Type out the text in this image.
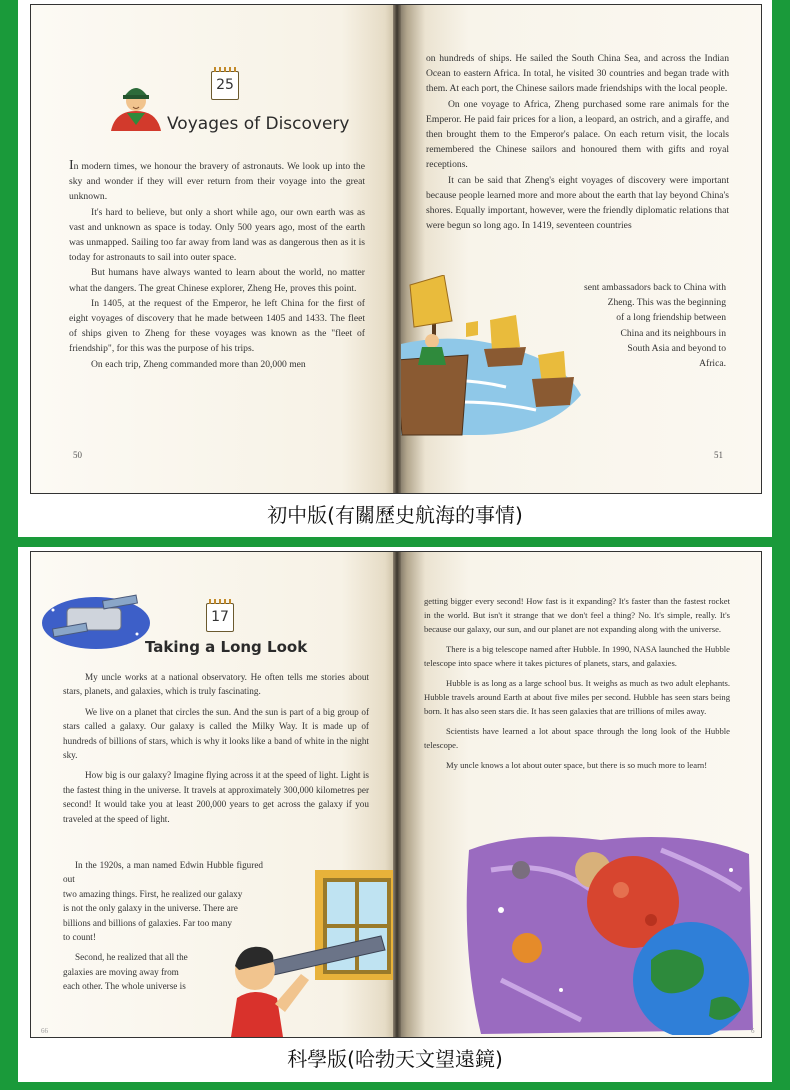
25
Voyages of Discovery

In modern times, we honour the bravery of astronauts. We look up into the sky and wonder if they will ever return from their voyage into the great unknown.

It's hard to believe, but only a short while ago, our own earth was as vast and unknown as space is today. Only 500 years ago, most of the earth was unmapped. Sailing too far away from land was as dangerous then as it is today for astronauts to sail into outer space.

But humans have always wanted to learn about the world, no matter what the dangers. The great Chinese explorer, Zheng He, proves this point.

In 1405, at the request of the Emperor, he left China for the first of eight voyages of discovery that he made between 1405 and 1433. The fleet of ships given to Zheng for these voyages was known as the "fleet of friendship", for this was the purpose of his trips.

On each trip, Zheng commanded more than 20,000 men

50

on hundreds of ships. He sailed the South China Sea, and across the Indian Ocean to eastern Africa. In total, he visited 30 countries and began trade with them. At each port, the Chinese sailors made friendships with the local people.

On one voyage to Africa, Zheng purchased some rare animals for the Emperor. He paid fair prices for a lion, a leopard, an ostrich, and a giraffe, and then brought them to the Emperor's palace. On each return visit, the locals remembered the Chinese sailors and honoured them with gifts and royal receptions.

It can be said that Zheng's eight voyages of discovery were important because people learned more and more about the earth that lay beyond China's shores. Equally important, however, were the friendly diplomatic relations that were begun so long ago. In 1419, seventeen countries

sent ambassadors back to China with
Zheng. This was the beginning
of a long friendship between
China and its neighbours in
South Asia and beyond to
Africa.
51
初中版(有關歷史航海的事情)
17
Taking a Long Look

My uncle works at a national observatory. He often tells me stories about stars, planets, and galaxies, which is truly fascinating.

We live on a planet that circles the sun. And the sun is part of a big group of stars called a galaxy. Our galaxy is called the Milky Way. It is made up of hundreds of billions of stars, which is why it looks like a band of white in the night sky.

How big is our galaxy? Imagine flying across it at the speed of light. Light is the fastest thing in the universe. It travels at approximately 300,000 kilometres per second! It would take you at least 200,000 years to get across the galaxy if you traveled at the speed of light.

In the 1920s, a man named Edwin Hubble figured out
two amazing things. First, he realized our galaxy
is not the only galaxy in the universe. There are
billions and billions of galaxies. Far too many
to count!
Second, he realized that all the
galaxies are moving away from
each other. The whole universe is
66

getting bigger every second! How fast is it expanding? It's faster than the fastest rocket in the world. But isn't it strange that we don't feel a thing? No. It's simple, really. It's because our galaxy, our sun, and our planet are not expanding along with the universe.

There is a big telescope named after Hubble. In 1990, NASA launched the Hubble telescope into space where it takes pictures of planets, stars, and galaxies.

Hubble is as long as a large school bus. It weighs as much as two adult elephants. Hubble travels around Earth at about five miles per second. Hubble has seen stars being born. It has also seen stars die. It has seen galaxies that are trillions of miles away.

Scientists have learned a lot about space through the long look of the Hubble telescope.

My uncle knows a lot about outer space, but there is so much more to learn!

6
科學版(哈勃天文望遠鏡)
